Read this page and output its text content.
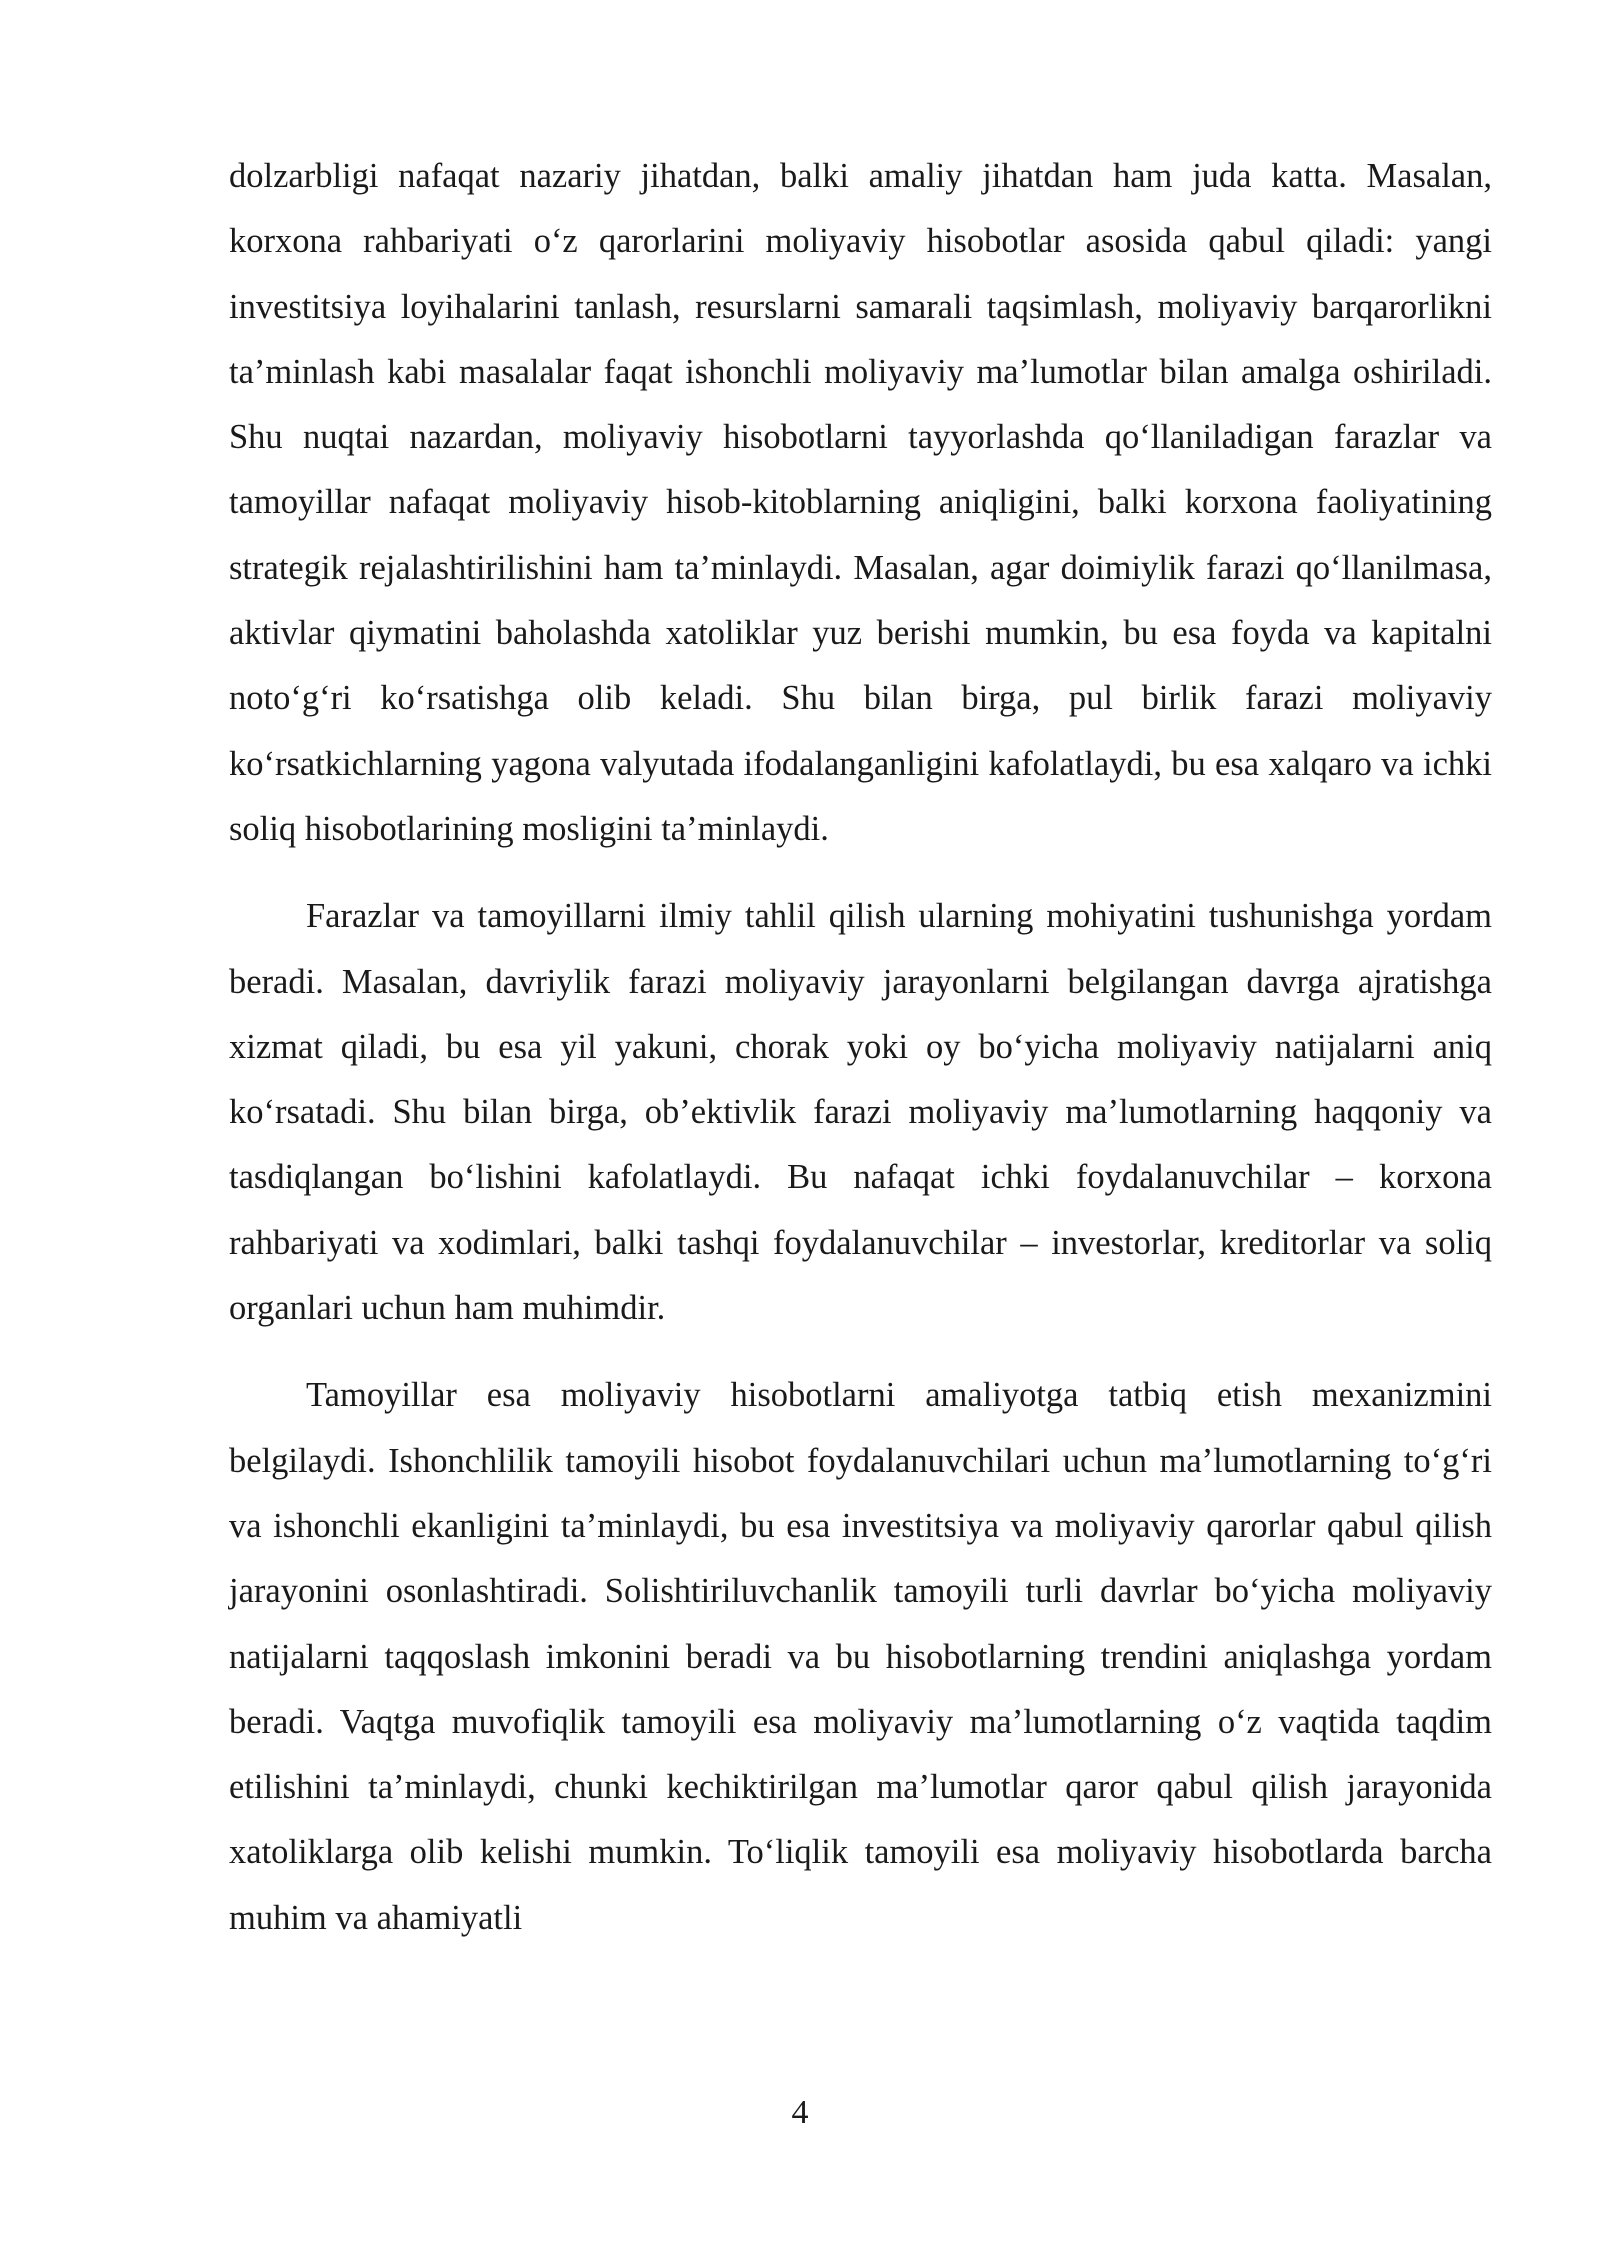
dolzarbligi nafaqat nazariy jihatdan, balki amaliy jihatdan ham juda katta. Masalan, korxona rahbariyati o‘z qarorlarini moliyaviy hisobotlar asosida qabul qiladi: yangi investitsiya loyihalarini tanlash, resurslarni samarali taqsimlash, moliyaviy barqarorlikni ta’minlash kabi masalalar faqat ishonchli moliyaviy ma’lumotlar bilan amalga oshiriladi. Shu nuqtai nazardan, moliyaviy hisobotlarni tayyorlashda qo‘llaniladigan farazlar va tamoyillar nafaqat moliyaviy hisob-kitoblarning aniqligini, balki korxona faoliyatining strategik rejalashtirilishini ham ta’minlaydi. Masalan, agar doimiylik farazi qo‘llanilmasa, aktivlar qiymatini baholashda xatoliklar yuz berishi mumkin, bu esa foyda va kapitalni noto‘g‘ri ko‘rsatishga olib keladi. Shu bilan birga, pul birlik farazi moliyaviy ko‘rsatkichlarning yagona valyutada ifodalanganligini kafolatlaydi, bu esa xalqaro va ichki soliq hisobotlarining mosligini ta’minlaydi.

Farazlar va tamoyillarni ilmiy tahlil qilish ularning mohiyatini tushunishga yordam beradi. Masalan, davriylik farazi moliyaviy jarayonlarni belgilangan davrga ajratishga xizmat qiladi, bu esa yil yakuni, chorak yoki oy bo‘yicha moliyaviy natijalarni aniq ko‘rsatadi. Shu bilan birga, ob’ektivlik farazi moliyaviy ma’lumotlarning haqqoniy va tasdiqlangan bo‘lishini kafolatlaydi. Bu nafaqat ichki foydalanuvchilar – korxona rahbariyati va xodimlari, balki tashqi foydalanuvchilar – investorlar, kreditorlar va soliq organlari uchun ham muhimdir.

Tamoyillar esa moliyaviy hisobotlarni amaliyotga tatbiq etish mexanizmini belgilaydi. Ishonchlilik tamoyili hisobot foydalanuvchilari uchun ma’lumotlarning to‘g‘ri va ishonchli ekanligini ta’minlaydi, bu esa investitsiya va moliyaviy qarorlar qabul qilish jarayonini osonlashtiradi. Solishtiriluvchanlik tamoyili turli davrlar bo‘yicha moliyaviy natijalarni taqqoslash imkonini beradi va bu hisobotlarning trendini aniqlashga yordam beradi. Vaqtga muvofiqlik tamoyili esa moliyaviy ma’lumotlarning o‘z vaqtida taqdim etilishini ta’minlaydi, chunki kechiktirilgan ma’lumotlar qaror qabul qilish jarayonida xatoliklarga olib kelishi mumkin. To‘liqlik tamoyili esa moliyaviy hisobotlarda barcha muhim va ahamiyatli

4
